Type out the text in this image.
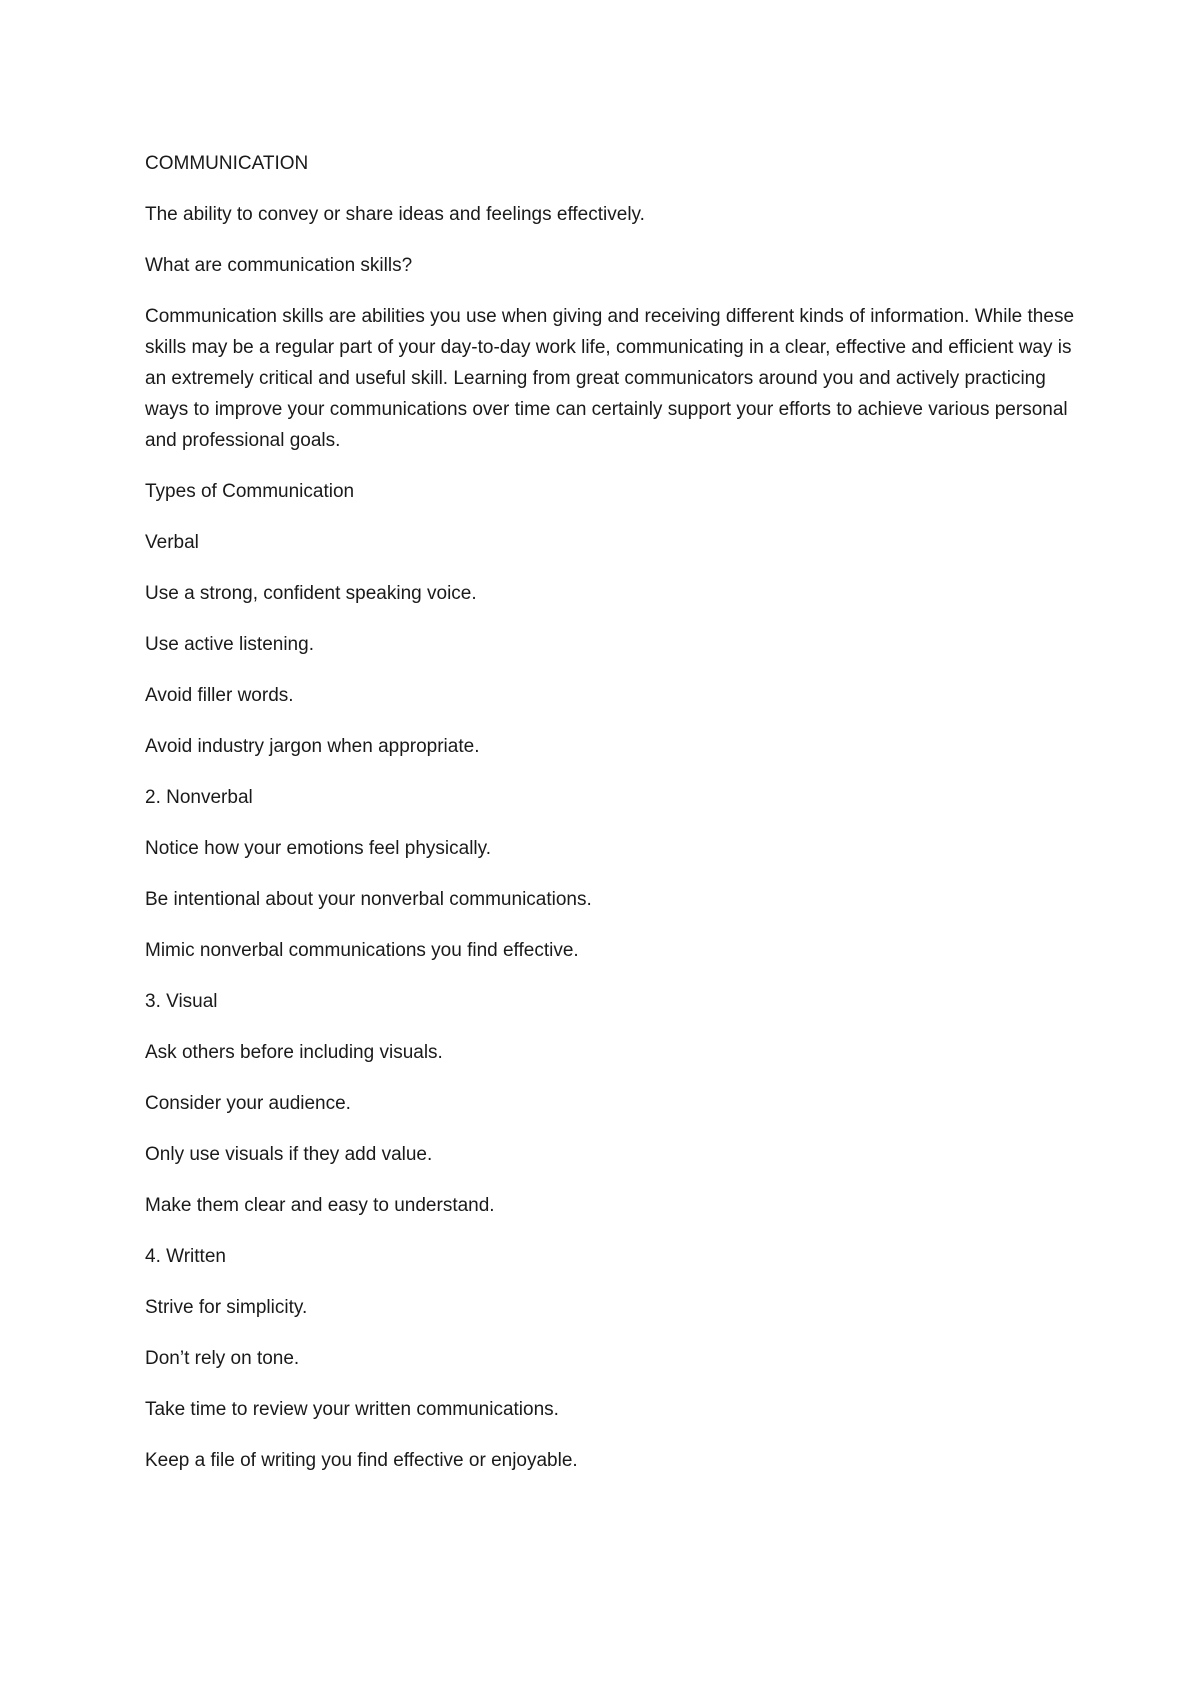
COMMUNICATION

The ability to convey or share ideas and feelings effectively.

What are communication skills?

Communication skills are abilities you use when giving and receiving different kinds of information. While these skills may be a regular part of your day-to-day work life, communicating in a clear, effective and efficient way is an extremely critical and useful skill. Learning from great communicators around you and actively practicing ways to improve your communications over time can certainly support your efforts to achieve various personal and professional goals.

Types of Communication

Verbal

Use a strong, confident speaking voice.

Use active listening.

Avoid filler words.

Avoid industry jargon when appropriate.

2. Nonverbal

Notice how your emotions feel physically.

Be intentional about your nonverbal communications.

Mimic nonverbal communications you find effective.

3. Visual

Ask others before including visuals.

Consider your audience.

Only use visuals if they add value.

Make them clear and easy to understand.

4. Written

Strive for simplicity.

Don’t rely on tone.

Take time to review your written communications.

Keep a file of writing you find effective or enjoyable.
